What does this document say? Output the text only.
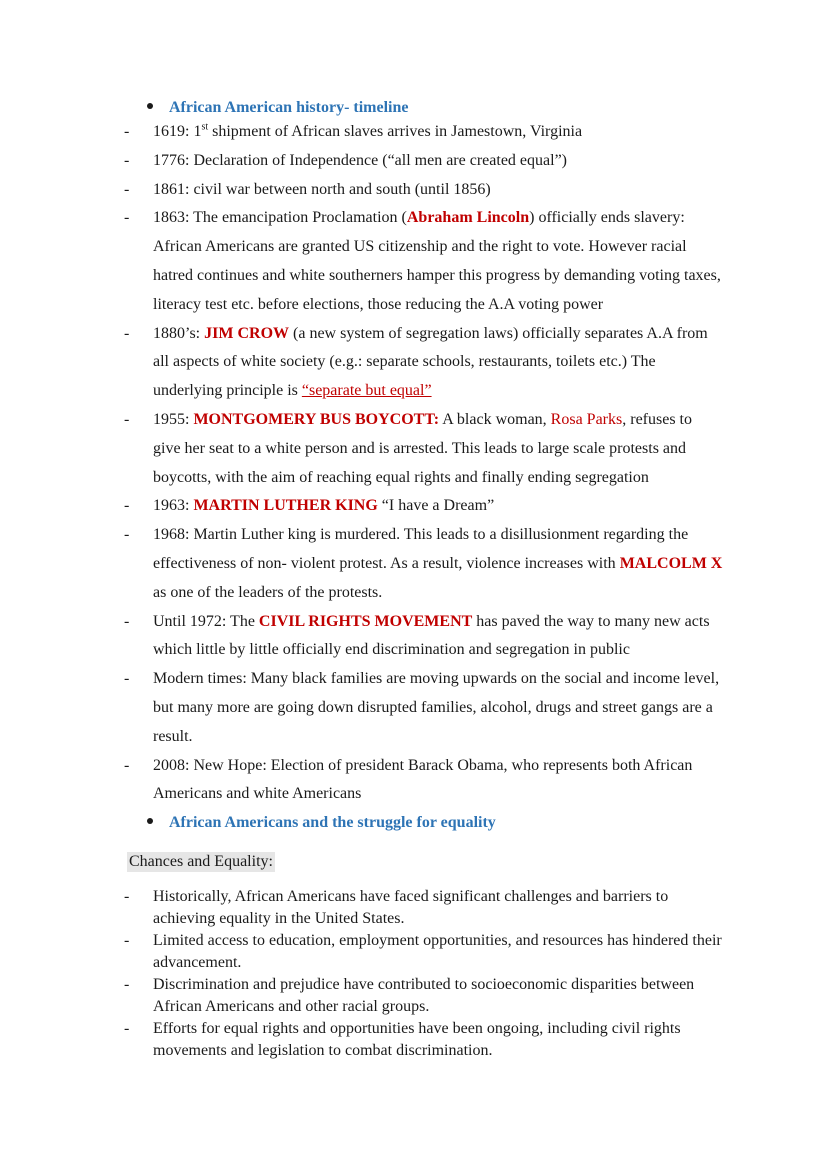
African American history- timeline
- 1619: 1st shipment of African slaves arrives in Jamestown, Virginia
- 1776: Declaration of Independence (“all men are created equal”)
- 1861: civil war between north and south (until 1856)
- 1863: The emancipation Proclamation (Abraham Lincoln) officially ends slavery: African Americans are granted US citizenship and the right to vote. However racial hatred continues and white southerners hamper this progress by demanding voting taxes, literacy test etc. before elections, those reducing the A.A voting power
- 1880’s: JIM CROW (a new system of segregation laws) officially separates A.A from all aspects of white society (e.g.: separate schools, restaurants, toilets etc.) The underlying principle is “separate but equal”
- 1955: MONTGOMERY BUS BOYCOTT: A black woman, Rosa Parks, refuses to give her seat to a white person and is arrested. This leads to large scale protests and boycotts, with the aim of reaching equal rights and finally ending segregation
- 1963: MARTIN LUTHER KING “I have a Dream”
- 1968: Martin Luther king is murdered. This leads to a disillusionment regarding the effectiveness of non- violent protest. As a result, violence increases with MALCOLM X as one of the leaders of the protests.
- Until 1972: The CIVIL RIGHTS MOVEMENT has paved the way to many new acts which little by little officially end discrimination and segregation in public
- Modern times: Many black families are moving upwards on the social and income level, but many more are going down disrupted families, alcohol, drugs and street gangs are a result.
- 2008: New Hope: Election of president Barack Obama, who represents both African Americans and white Americans
African Americans and the struggle for equality
Chances and Equality:
- Historically, African Americans have faced significant challenges and barriers to achieving equality in the United States.
- Limited access to education, employment opportunities, and resources has hindered their advancement.
- Discrimination and prejudice have contributed to socioeconomic disparities between African Americans and other racial groups.
- Efforts for equal rights and opportunities have been ongoing, including civil rights movements and legislation to combat discrimination.
